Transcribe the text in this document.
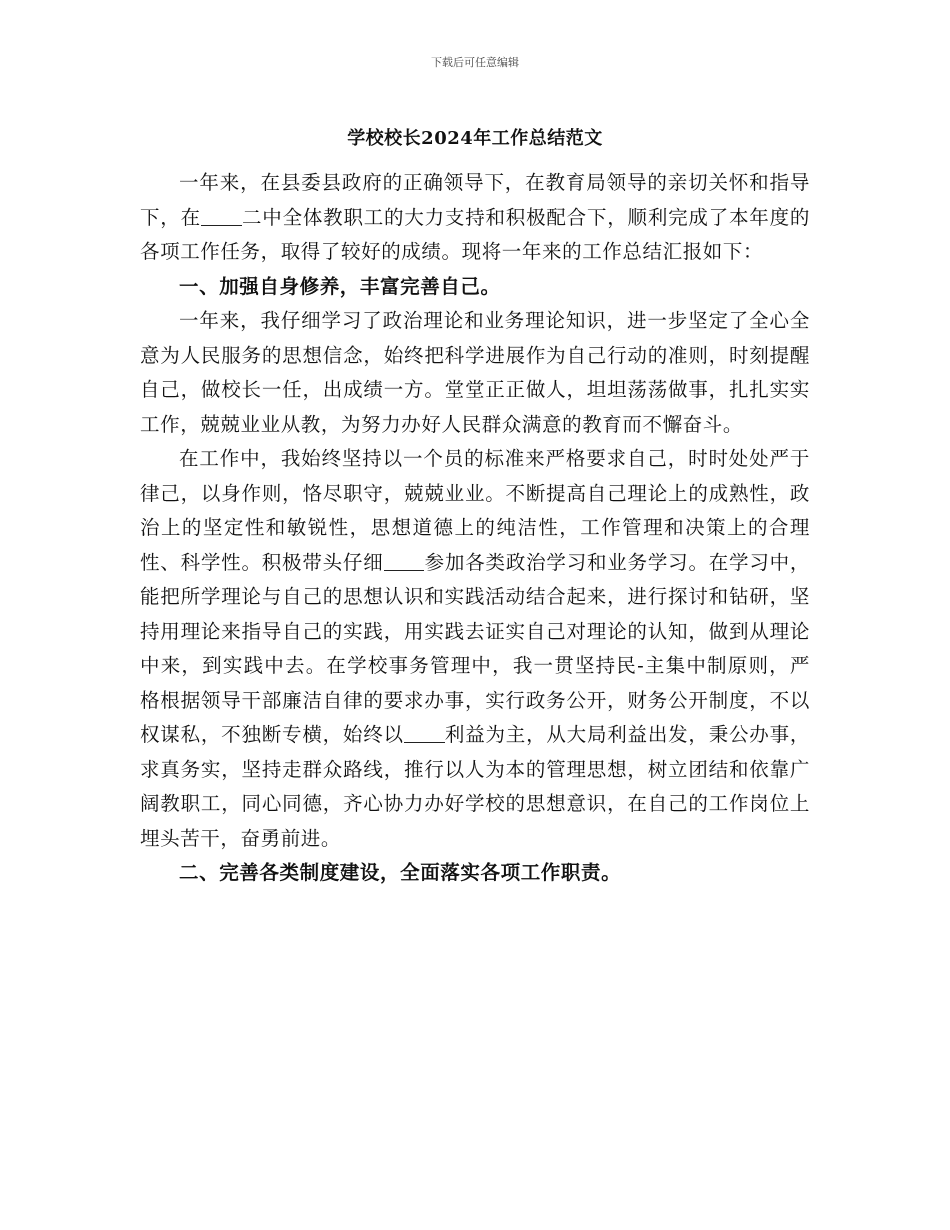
下载后可任意编辑
学校校长2024年工作总结范文

一年来，在县委县政府的正确领导下，在教育局领导的亲切关怀和指导下，在 二中全体教职工的大力支持和积极配合下，顺利完成了本年度的各项工作任务，取得了较好的成绩。现将一年来的工作总结汇报如下：

一、加强自身修养，丰富完善自己。

一年来，我仔细学习了政治理论和业务理论知识，进一步坚定了全心全意为人民服务的思想信念，始终把科学进展作为自己行动的准则，时刻提醒自己，做校长一任，出成绩一方。堂堂正正做人，坦坦荡荡做事，扎扎实实工作，兢兢业业从教，为努力办好人民群众满意的教育而不懈奋斗。

在工作中，我始终坚持以一个员的标准来严格要求自己，时时处处严于律己，以身作则，恪尽职守，兢兢业业。不断提高自己理论上的成熟性，政治上的坚定性和敏锐性，思想道德上的纯洁性，工作管理和决策上的合理性、科学性。积极带头仔细 参加各类政治学习和业务学习。在学习中，能把所学理论与自己的思想认识和实践活动结合起来，进行探讨和钻研，坚持用理论来指导自己的实践，用实践去证实自己对理论的认知，做到从理论中来，到实践中去。在学校事务管理中，我一贯坚持民-主集中制原则，严格根据领导干部廉洁自律的要求办事，实行政务公开，财务公开制度，不以权谋私，不独断专横，始终以 利益为主，从大局利益出发，秉公办事，求真务实，坚持走群众路线，推行以人为本的管理思想，树立团结和依靠广阔教职工，同心同德，齐心协力办好学校的思想意识，在自己的工作岗位上埋头苦干，奋勇前进。

二、完善各类制度建设，全面落实各项工作职责。
